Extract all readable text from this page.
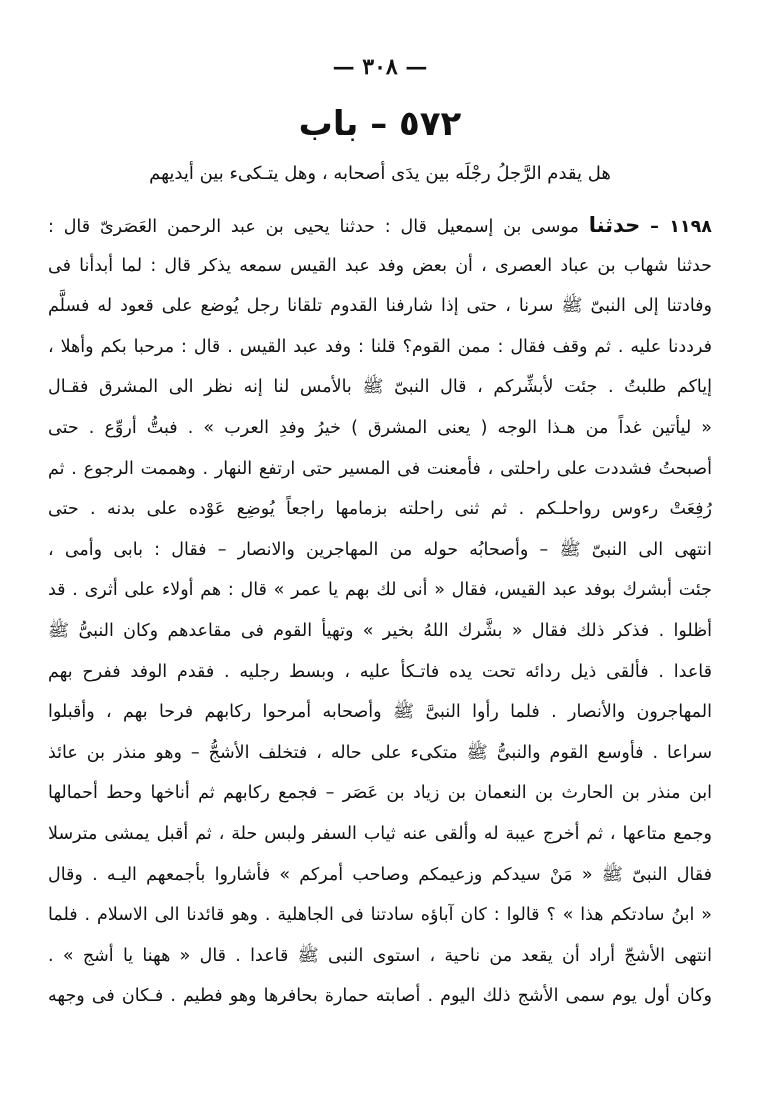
— ٣٠٨ —
٥٧٢ – باب
هل يقدم الرَّجلُ رجْلَه بين يدَى أصحابه ، وهل يتـكىء بين أيديهم
١١٩٨ – حدثنا موسى بن إسمعيل قال : حدثنا يحيى بن عبد الرحمن العَصَرىّ قال :
حدثنا شهاب بن عباد العصرى ، أن بعض وفد عبد القيس سمعه يذكر قال : لما أبدأنا فى
وفادتنا إلى النبىّ ﷺ سرنا ، حتى إذا شارفنا القدوم تلقانا رجل يُوضع على قعود له فسلَّم
فرددنا عليه . ثم وقف فقال : ممن القوم؟ قلنا : وفد عبد القيس . قال : مرحبا بكم وأهلا ،
إياكم طلبتُ . جئت لأبشِّركم ، قال النبىّ ﷺ بالأمس لنا إنه نظر الى المشرق فقـال
« ليأتين غداً من هـذا الوجه ( يعنى المشرق ) خيرُ وفدِ العرب » . فبتُّ أروِّع . حتى
أصبحتُ فشددت على راحلتى ، فأمعنت فى المسير حتى ارتفع النهار . وهممت الرجوع . ثم
رُفِعَتْ رءوس رواحلـكم . ثم ثنى راحلته بزمامها راجعاً يُوضِع عَوْده على بدنه . حتى
انتهى الى النبىّ ﷺ – وأصحابُه حوله من المهاجرين والانصار – فقال : بابى وأمى ،
جئت أبشرك بوفد عبد القيس، فقال « أنى لك بهم يا عمر » قال : هم أولاء على أثرى . قد
أظلوا . فذكر ذلك فقال « بشَّرك اللهُ بخير » وتهيأ القوم فى مقاعدهم وكان النبىُّ ﷺ
قاعدا . فألقى ذيل ردائه تحت يده فاتـكأ عليه ، وبسط رجليه . فقدم الوفد ففرح بهم
المهاجرون والأنصار . فلما رأوا النبىَّ ﷺ وأصحابه أمرحوا ركابهم فرحا بهم ، وأقبلوا
سراعا . فأوسع القوم والنبىُّ ﷺ متكىء على حاله ، فتخلف الأشجُّ – وهو منذر بن عائذ
ابن منذر بن الحارث بن النعمان بن زياد بن عَصَر – فجمع ركابهم ثم أناخها وحط أحمالها
وجمع متاعها ، ثم أخرج عيبة له وألقى عنه ثياب السفر ولبس حلة ، ثم أقبل يمشى مترسلا
فقال النبىّ ﷺ « مَنْ سيدكم وزعيمكم وصاحب أمركم » فأشاروا بأجمعهم اليـه . وقال
« ابنُ سادتكم هذا » ؟ قالوا : كان آباؤه سادتنا فى الجاهلية . وهو قائدنا الى الاسلام . فلما
انتهى الأشجّ أراد أن يقعد من ناحية ، استوى النبى ﷺ قاعدا . قال « ههنا يا أشج » .
وكان أول يوم سمى الأشج ذلك اليوم . أصابته حمارة بحافرها وهو فطيم . فـكان فى وجهه
